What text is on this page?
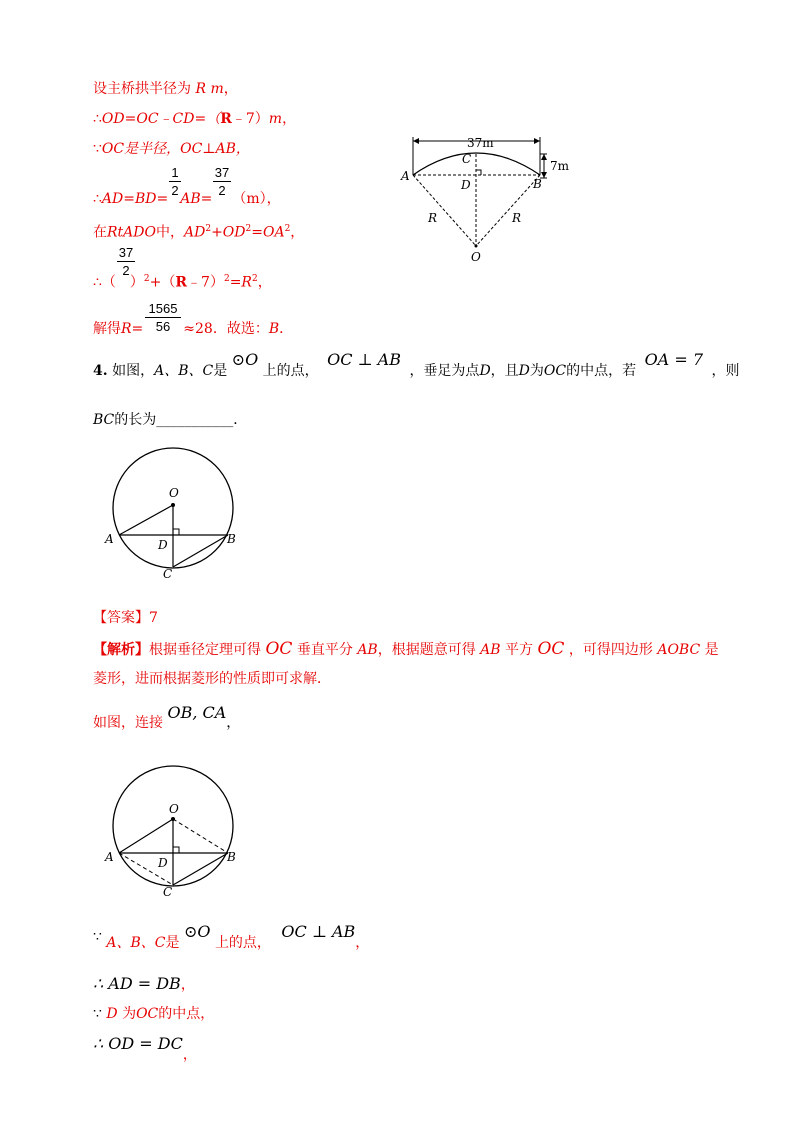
设主桥拱半径为 R m，
∴OD=OC﹣CD=（R﹣7）m，
∵OC是半径，OC⊥AB，
1
2
37
2
∴AD=BD= AB= （m），
在RtADO中，$AD^2+OD^2=OA^2$，
37
2
∴（ ）$^2+(R﹣7)^2=R^2$，
1565
56
解得R=	≈28．故选：B．
37m
7m
A
B
C
D
O
R	R
4. 如图，A、B、C是 ⊙O 上的点， OC ⊥ AB ，垂足为点D，且D为OC的中点，若 OA = 7 ，则
BC的长为___________．
O
A	B
C
D
【答案】7
【解析】根据垂径定理可得 OC 垂直平分 AB，根据题意可得 AB 平方 OC ，可得四边形 AOBC 是
菱形，进而根据菱形的性质即可求解．
如图，连接 OB, CA，
O
A	B
C
D
∵ A、B、C是 ⊙O 上的点， OC ⊥ AB，
∴ AD = DB，
∵ D 为OC的中点，
∴ OD = DC，
